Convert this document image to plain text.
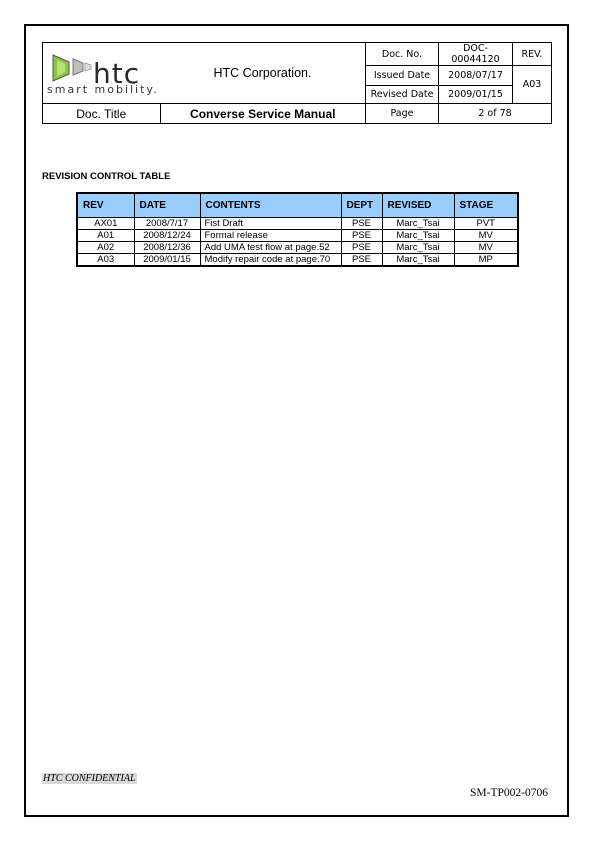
htc
smart mobility.	HTC Corporation.	Doc. No.	DOC-00044120	REV.
		Issued Date	2008/07/17	A03
		Revised Date	2009/01/15	
Doc. Title	Converse Service Manual	Page	2 of 78	
REVISION CONTROL TABLE
REV	DATE	CONTENTS	DEPT	REVISED	STAGE
AX01	2008/7/17	Fist Draft	PSE	Marc_Tsai	PVT
A01	2008/12/24	Formal release	PSE	Marc_Tsai	MV
A02	2008/12/36	Add UMA test flow at page.52	PSE	Marc_Tsai	MV
A03	2009/01/15	Modify repair code at page.70	PSE	Marc_Tsai	MP
HTC CONFIDENTIAL
SM-TP002-0706
